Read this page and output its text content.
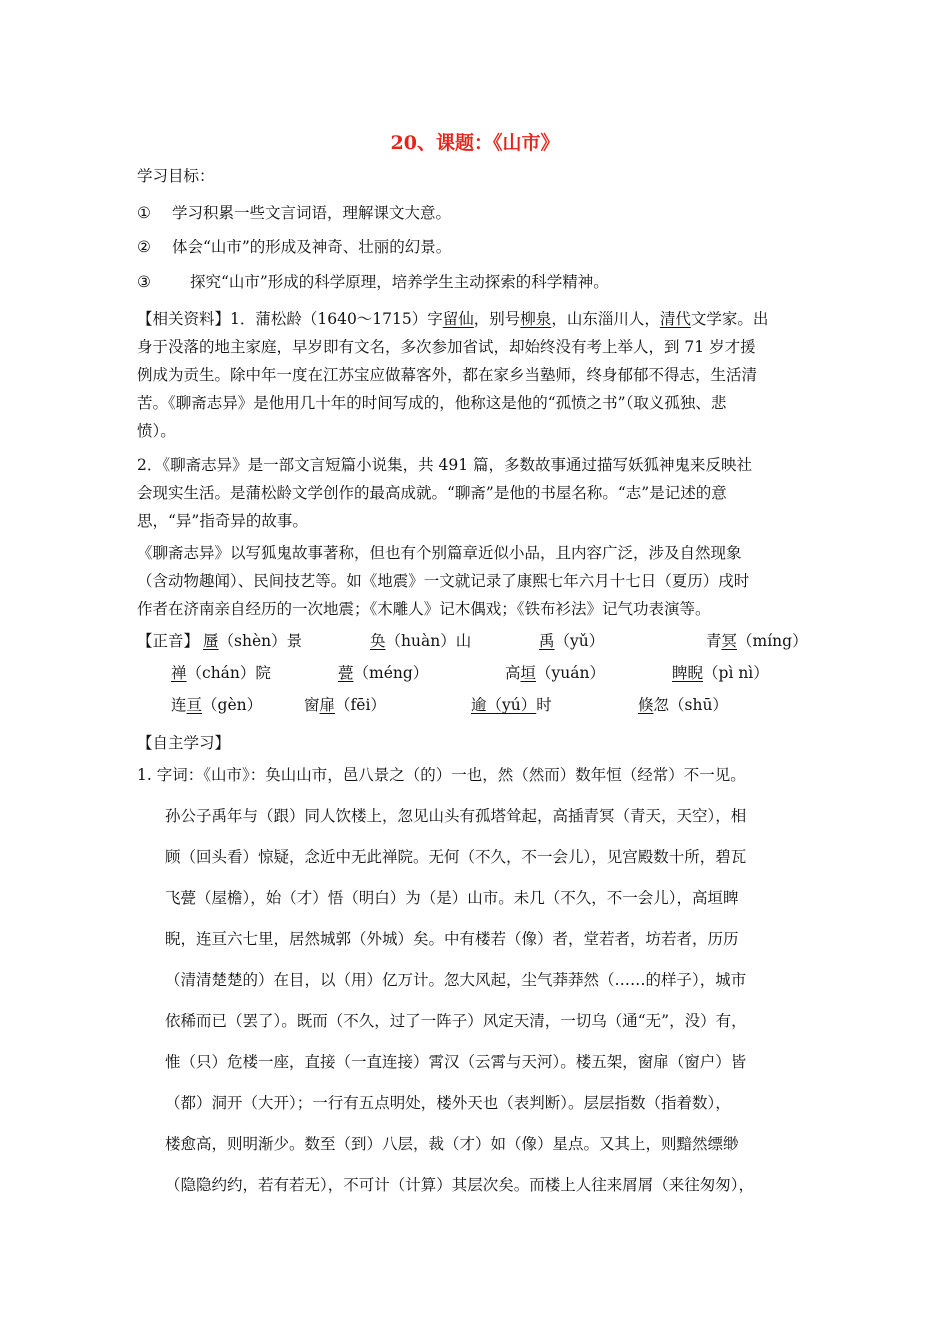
20、课题：《山市》
学习目标：
① 学习积累一些文言词语，理解课文大意。
② 体会“山市”的形成及神奇、壮丽的幻景。
③	探究“山市”形成的科学原理，培养学生主动探索的科学精神。
【相关资料】1．蒲松龄（1640～1715）字留仙，别号柳泉，山东淄川人，清代文学家。出
身于没落的地主家庭，早岁即有文名，多次参加省试，却始终没有考上举人，到 71 岁才援
例成为贡生。除中年一度在江苏宝应做幕客外，都在家乡当塾师，终身郁郁不得志，生活清
苦。《聊斋志异》是他用几十年的时间写成的，他称这是他的“孤愤之书”（取义孤独、悲
愤）。
2．《聊斋志异》是一部文言短篇小说集，共 491 篇，多数故事通过描写妖狐神鬼来反映社
会现实生活。是蒲松龄文学创作的最高成就。“聊斋”是他的书屋名称。“志”是记述的意
思，“异”指奇异的故事。
《聊斋志异》以写狐鬼故事著称，但也有个别篇章近似小品，且内容广泛，涉及自然现象
（含动物趣闻）、民间技艺等。如《地震》一文就记录了康熙七年六月十七日（夏历）戌时
作者在济南亲自经历的一次地震；《木雕人》记木偶戏；《铁布衫法》记气功表演等。
【正音】 蜃（shèn）景	奂（huàn）山	禹（yǔ）	青冥（míng）
禅（chán）院	甍（méng）	高垣（yuán）	睥睨（pì nì）
连亘（gèn）	窗扉（fēi）	逾（yú）时	倏忽（shū）
【自主学习】
1. 字词：《山市》：奂山山市，邑八景之（的）一也，然（然而）数年恒（经常）不一见。
孙公子禹年与（跟）同人饮楼上，忽见山头有孤塔耸起，高插青冥（青天，天空），相
顾（回头看）惊疑，念近中无此禅院。无何（不久，不一会儿），见宫殿数十所，碧瓦
飞甍（屋檐），始（才）悟（明白）为（是）山市。未几（不久，不一会儿），高垣睥
睨，连亘六七里，居然城郭（外城）矣。中有楼若（像）者，堂若者，坊若者，历历
（清清楚楚的）在目，以（用）亿万计。忽大风起，尘气莽莽然（……的样子），城市
依稀而已（罢了）。既而（不久，过了一阵子）风定天清，一切乌（通“无”，没）有，
惟（只）危楼一座，直接（一直连接）霄汉（云霄与天河）。楼五架，窗扉（窗户）皆
（都）洞开（大开）；一行有五点明处，楼外天也（表判断）。层层指数（指着数），
楼愈高，则明渐少。数至（到）八层，裁（才）如（像）星点。又其上，则黯然缥缈
（隐隐约约，若有若无），不可计（计算）其层次矣。而楼上人往来屑屑（来往匆匆），
